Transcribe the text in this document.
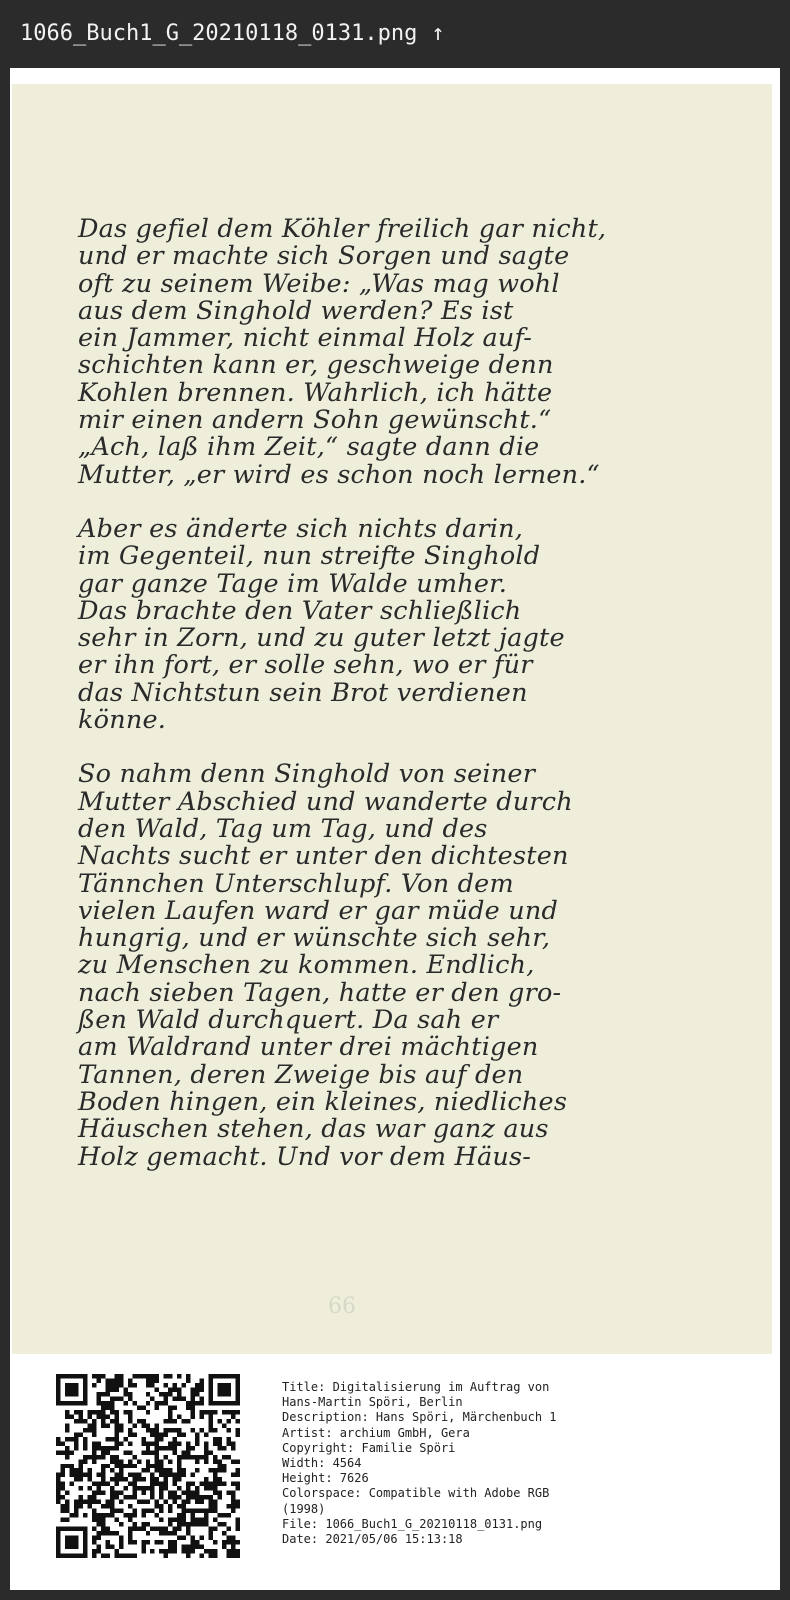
1066_Buch1_G_20210118_0131.png ↑
Das gefiel dem Köhler freilich gar nicht,
und er machte sich Sorgen und sagte
oft zu seinem Weibe: „Was mag wohl
aus dem Singhold werden? Es ist
ein Jammer, nicht einmal Holz auf-
schichten kann er, geschweige denn
Kohlen brennen. Wahrlich, ich hätte
mir einen andern Sohn gewünscht.“
„Ach, laß ihm Zeit,“ sagte dann die
Mutter, „er wird es schon noch lernen.“
Aber es änderte sich nichts darin,
im Gegenteil, nun streifte Singhold
gar ganze Tage im Walde umher.
Das brachte den Vater schließlich
sehr in Zorn, und zu guter letzt jagte
er ihn fort, er solle sehn, wo er für
das Nichtstun sein Brot verdienen
könne.
So nahm denn Singhold von seiner
Mutter Abschied und wanderte durch
den Wald, Tag um Tag, und des
Nachts sucht er unter den dichtesten
Tännchen Unterschlupf. Von dem
vielen Laufen ward er gar müde und
hungrig, und er wünschte sich sehr,
zu Menschen zu kommen. Endlich,
nach sieben Tagen, hatte er den gro-
ßen Wald durchquert. Da sah er
am Waldrand unter drei mächtigen
Tannen, deren Zweige bis auf den
Boden hingen, ein kleines, niedliches
Häuschen stehen, das war ganz aus
Holz gemacht. Und vor dem Häus-
66
Title: Digitalisierung im Auftrag von
Hans-Martin Spöri, Berlin
Description: Hans Spöri, Märchenbuch 1
Artist: archium GmbH, Gera
Copyright: Familie Spöri
Width: 4564
Height: 7626
Colorspace: Compatible with Adobe RGB
(1998)
File: 1066_Buch1_G_20210118_0131.png
Date: 2021/05/06 15:13:18
